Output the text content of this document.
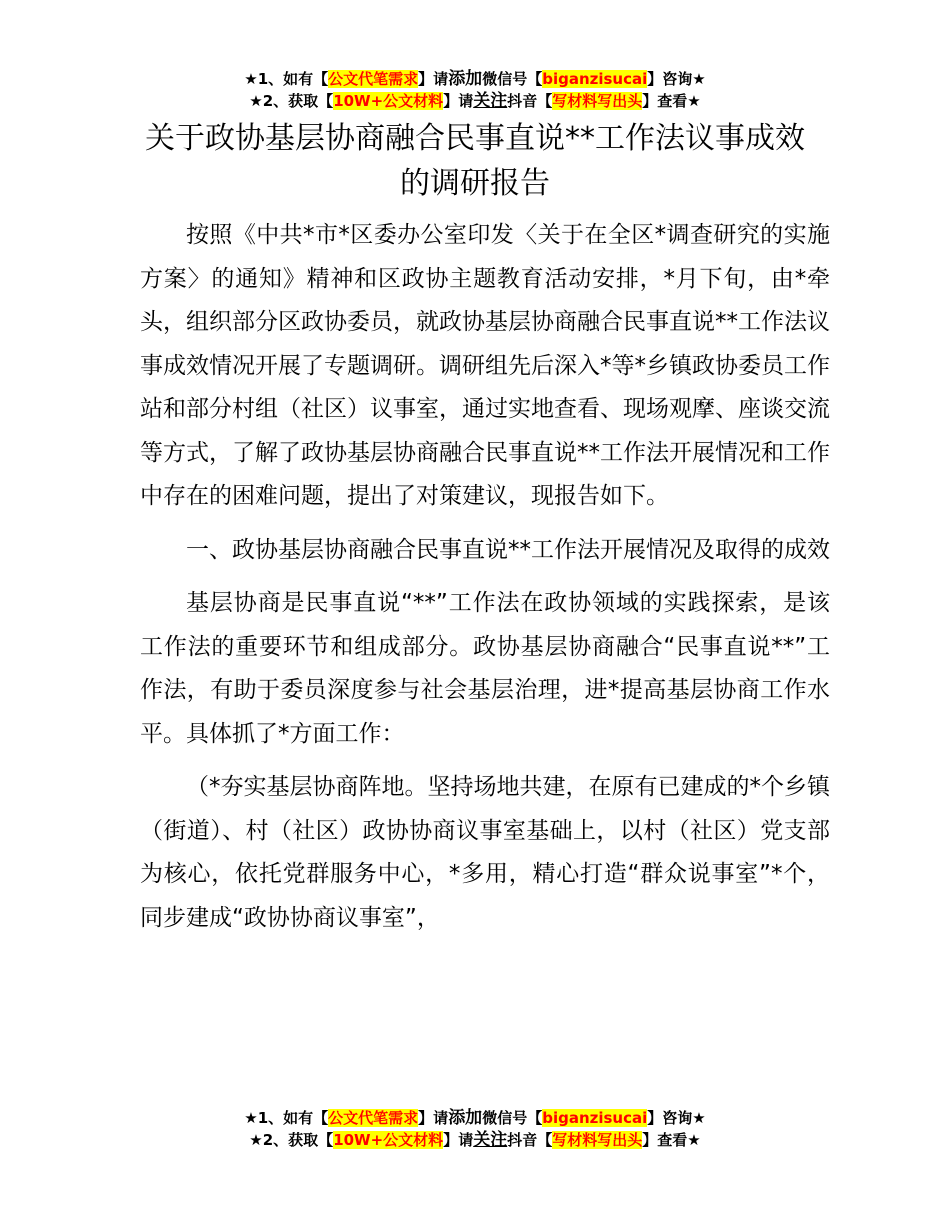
★1、如有【公文代笔需求】请添加微信号【biganzisucai】咨询★
★2、获取【10W+公文材料】请关注抖音【写材料写出头】查看★
关于政协基层协商融合民事直说**工作法议事成效的调研报告

按照《中共*市*区委办公室印发〈关于在全区*调查研究的实施方案〉的通知》精神和区政协主题教育活动安排，*月下旬，由*牵头，组织部分区政协委员，就政协基层协商融合民事直说**工作法议事成效情况开展了专题调研。调研组先后深入*等*乡镇政协委员工作站和部分村组（社区）议事室，通过实地查看、现场观摩、座谈交流等方式，了解了政协基层协商融合民事直说**工作法开展情况和工作中存在的困难问题，提出了对策建议，现报告如下。

一、政协基层协商融合民事直说**工作法开展情况及取得的成效

基层协商是民事直说“**”工作法在政协领域的实践探索，是该工作法的重要环节和组成部分。政协基层协商融合“民事直说**”工作法，有助于委员深度参与社会基层治理，进*提高基层协商工作水平。具体抓了*方面工作：

（*夯实基层协商阵地。坚持场地共建，在原有已建成的*个乡镇（街道）、村（社区）政协协商议事室基础上，以村（社区）党支部为核心，依托党群服务中心，*多用，精心打造“群众说事室”*个，同步建成“政协协商议事室”，

★1、如有【公文代笔需求】请添加微信号【biganzisucai】咨询★
★2、获取【10W+公文材料】请关注抖音【写材料写出头】查看★
